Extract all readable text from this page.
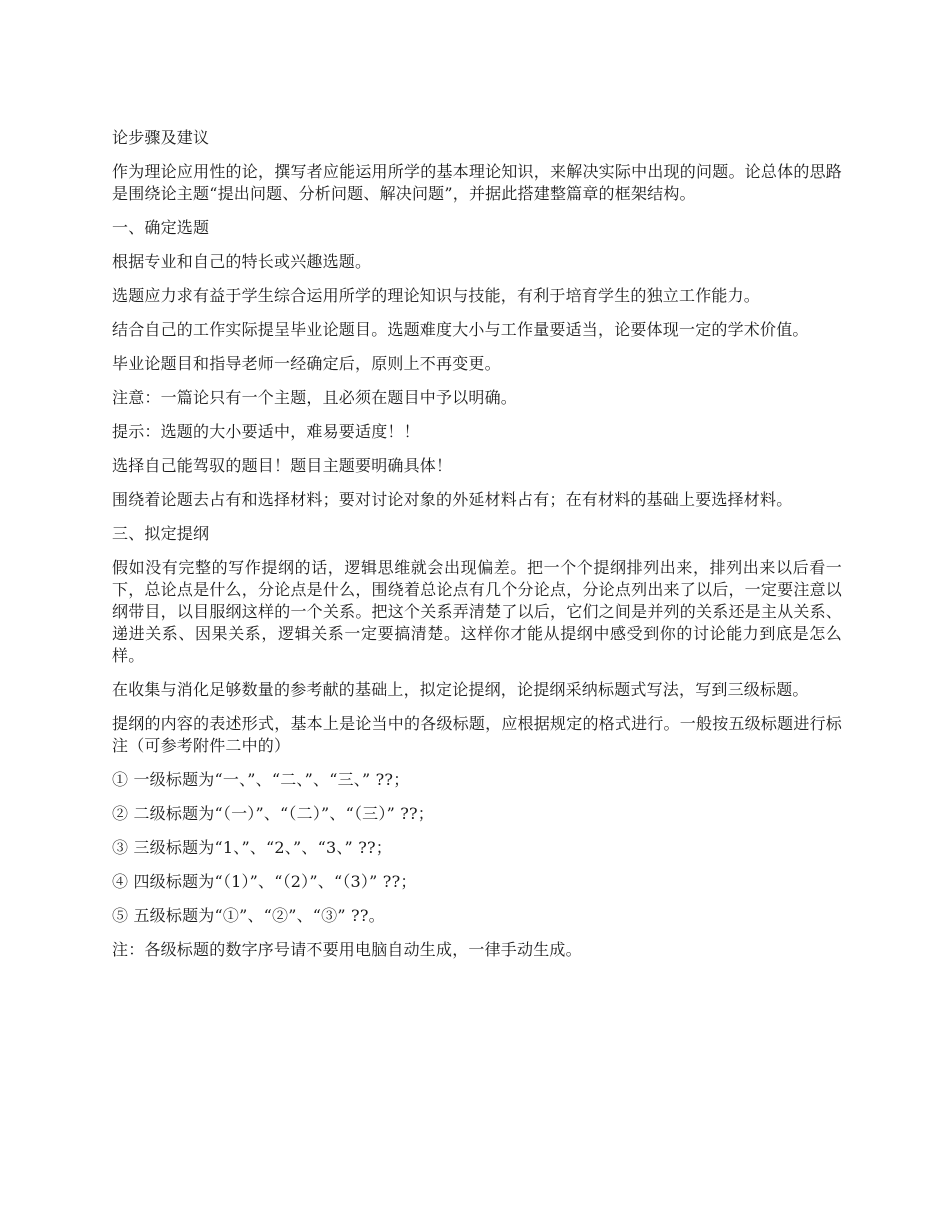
论步骤及建议

作为理论应用性的论，撰写者应能运用所学的基本理论知识，来解决实际中出现的问题。论总体的思路是围绕论主题“提出问题、分析问题、解决问题”，并据此搭建整篇章的框架结构。

一、确定选题

根据专业和自己的特长或兴趣选题。

选题应力求有益于学生综合运用所学的理论知识与技能，有利于培育学生的独立工作能力。

结合自己的工作实际提呈毕业论题目。选题难度大小与工作量要适当，论要体现一定的学术价值。

毕业论题目和指导老师一经确定后，原则上不再变更。

注意：一篇论只有一个主题，且必须在题目中予以明确。

提示：选题的大小要适中，难易要适度！！

选择自己能驾驭的题目！题目主题要明确具体！

围绕着论题去占有和选择材料；要对讨论对象的外延材料占有；在有材料的基础上要选择材料。

三、拟定提纲

假如没有完整的写作提纲的话，逻辑思维就会出现偏差。把一个个提纲排列出来，排列出来以后看一下，总论点是什么，分论点是什么，围绕着总论点有几个分论点，分论点列出来了以后，一定要注意以纲带目，以目服纲这样的一个关系。把这个关系弄清楚了以后，它们之间是并列的关系还是主从关系、递进关系、因果关系，逻辑关系一定要搞清楚。这样你才能从提纲中感受到你的讨论能力到底是怎么样。

在收集与消化足够数量的参考献的基础上，拟定论提纲，论提纲采纳标题式写法，写到三级标题。

提纲的内容的表述形式，基本上是论当中的各级标题，应根据规定的格式进行。一般按五级标题进行标注（可参考附件二中的）

① 一级标题为“一、”、“二、”、“三、” ??；

② 二级标题为“（一）”、“（二）”、“（三）” ??；

③ 三级标题为“1、”、“2、”、“3、” ??；

④ 四级标题为“（1）”、“（2）”、“（3）” ??；

⑤ 五级标题为“①”、“②”、“③” ??。

注：各级标题的数字序号请不要用电脑自动生成，一律手动生成。
